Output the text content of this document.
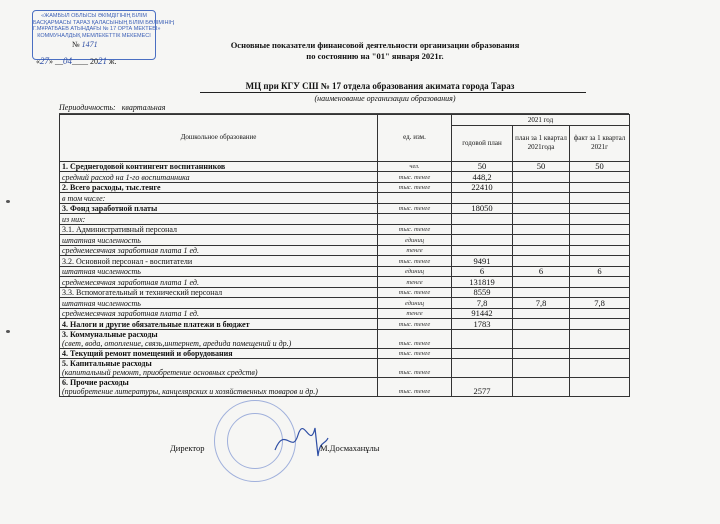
«ЖАМБЫЛ ОБЛЫСЫ ӘКІМДІГІНІҢ БІЛІМ
БАСҚАРМАСЫ ТАРАЗ ҚАЛАСЫНЫҢ БІЛІМ БӨЛІМІНІҢ
Г.МҰРАТБАЕВ АТЫНДАҒЫ № 17 ОРТА МЕКТЕБІ»
КОММУНАЛДЫҚ МЕМЛЕКЕТТІК МЕКЕМЕСІ
№ 1471
«27» __04____ 2021 ж.
Основные показатели финансовой деятельности организации образования
по состоянию на "01" января 2021г.
МЦ при КГУ СШ № 17 отдела образования акимата города Тараз
(наименование организации образования)
Периодичность: квартальная
Дошкольное образование	ед. изм.	2021 год		
		годовой план	план за 1 квартал 2021года	факт за 1 квартал 2021г
1. Среднегодовой контингент воспитанников	чел.	50	50	50
средний расход на 1-го воспитанника	тыс. тенге	448,2		
2. Всего расходы, тыс.тенге	тыс. тенге	22410		
в том числе:				
3. Фонд заработной платы	тыс. тенге	18050		
из них:				
3.1. Административный персонал	тыс. тенге			
штатная численность	единиц			
среднемесячная заработная плата 1 ед.	тенге			
3.2. Основной персонал - воспитатели	тыс. тенге	9491		
штатная численность	единиц	6	6	6
среднемесячная заработная плата 1 ед.	тенге	131819		
3.3. Вспомогательный и технический персонал	тыс. тенге	8559		
штатная численность	единиц	7,8	7,8	7,8
среднемесячная заработная плата 1 ед.	тенге	91442		
4. Налоги и другие обязательные платежи в бюджет	тыс. тенге	1783		

3. Коммунальные расходы
(свет, вода, отопление, связь,интернет, аредида помещений и др.)	тыс. тенге			

4. Текущий ремонт помещений и оборудования	тыс. тенге			

5. Капитальные расходы
(капитальный ремонт, приобретение основных средств)	тыс. тенге			

6. Прочие расходы
(приобретение литературы, канцелярских и хозяйственных товаров и др.)	тыс. тенге	2577		
Директор	М.Досмаханұлы
